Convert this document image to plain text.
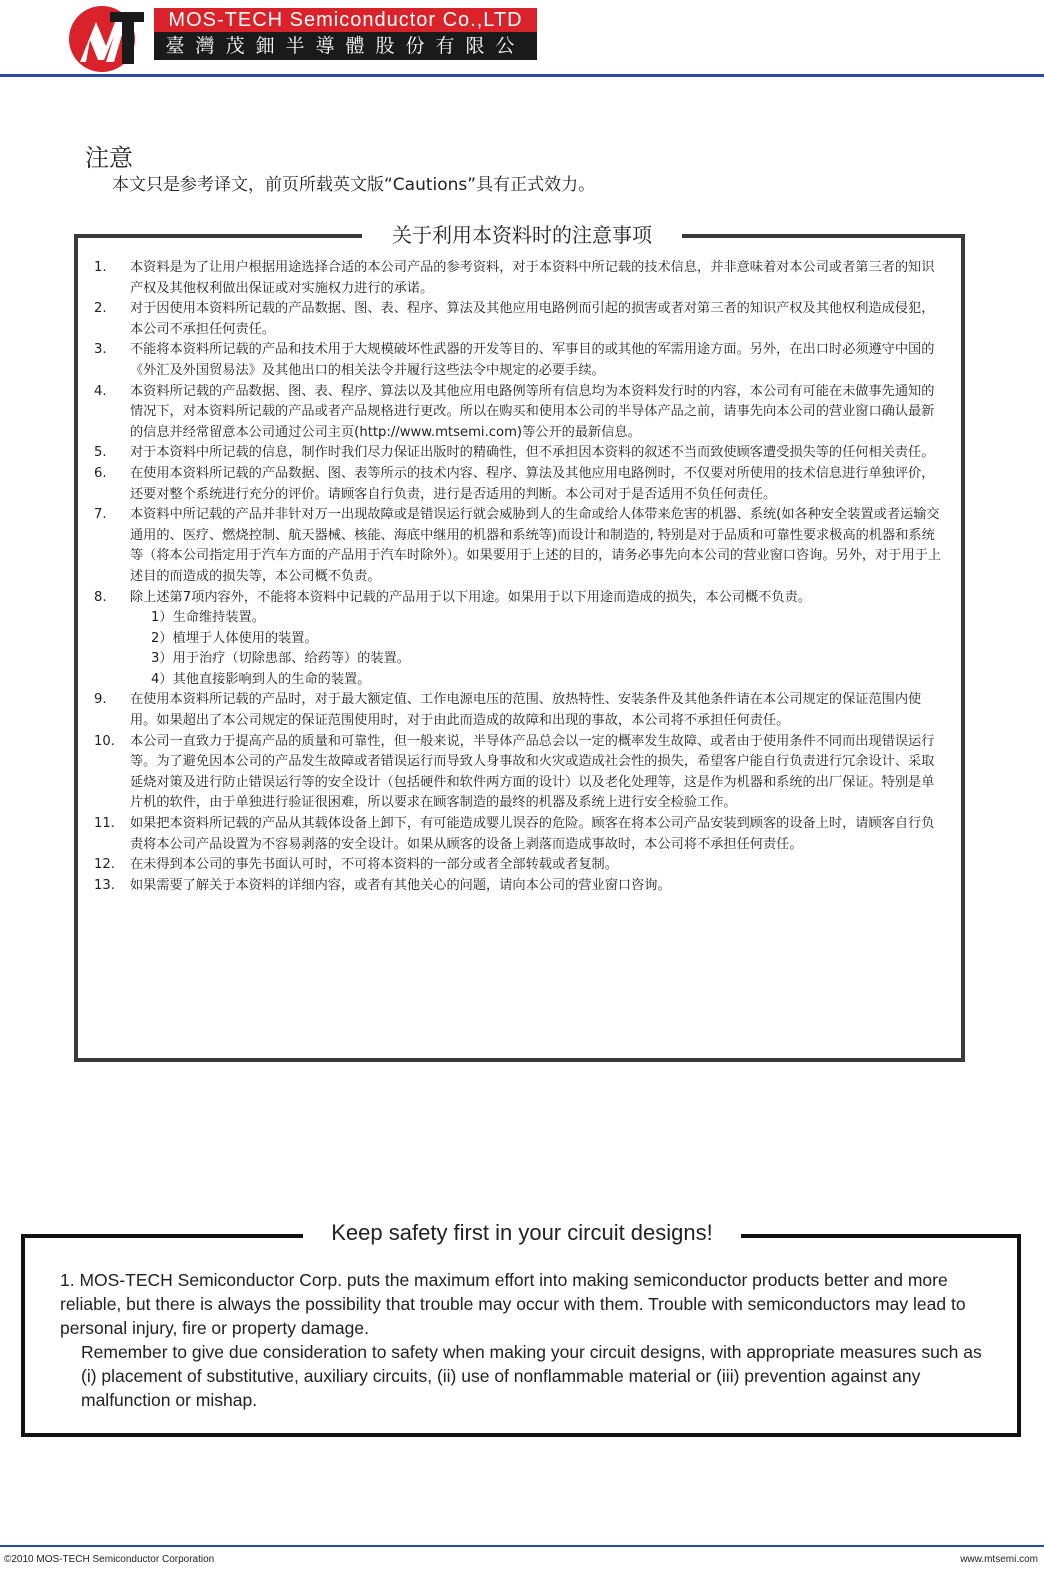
MOS-TECH Semiconductor Co.,LTD
臺灣茂鈿半導體股份有限公
注意
本文只是参考译文，前页所载英文版“Cautions”具有正式效力。
关于利用本资料时的注意事项
1.	本资料是为了让用户根据用途选择合适的本公司产品的参考资料，对于本资料中所记载的技术信息，并非意味着对本公司或者第三者的知识产权及其他权利做出保证或对实施权力进行的承诺。
2.	对于因使用本资料所记载的产品数据、图、表、程序、算法及其他应用电路例而引起的损害或者对第三者的知识产权及其他权利造成侵犯，本公司不承担任何责任。
3.	不能将本资料所记载的产品和技术用于大规模破坏性武器的开发等目的、军事目的或其他的军需用途方面。另外，在出口时必须遵守中国的《外汇及外国贸易法》及其他出口的相关法令并履行这些法令中规定的必要手续。
4.	本资料所记载的产品数据、图、表、程序、算法以及其他应用电路例等所有信息均为本资料发行时的内容，本公司有可能在未做事先通知的情况下，对本资料所记载的产品或者产品规格进行更改。所以在购买和使用本公司的半导体产品之前，请事先向本公司的营业窗口确认最新的信息并经常留意本公司通过公司主页(http://www.mtsemi.com)等公开的最新信息。
5.	对于本资料中所记载的信息，制作时我们尽力保证出版时的精确性，但不承担因本资料的叙述不当而致使顾客遭受损失等的任何相关责任。
6.	在使用本资料所记载的产品数据、图、表等所示的技术内容、程序、算法及其他应用电路例时，不仅要对所使用的技术信息进行单独评价，还要对整个系统进行充分的评价。请顾客自行负责，进行是否适用的判断。本公司对于是否适用不负任何责任。
7.	本资料中所记载的产品并非针对万一出现故障或是错误运行就会威胁到人的生命或给人体带来危害的机器、系统(如各种安全装置或者运输交通用的、医疗、燃烧控制、航天器械、核能、海底中继用的机器和系统等)而设计和制造的, 特别是对于品质和可靠性要求极高的机器和系统等（将本公司指定用于汽车方面的产品用于汽车时除外）。如果要用于上述的目的，请务必事先向本公司的营业窗口咨询。另外，对于用于上述目的而造成的损失等，本公司概不负责。
8.	除上述第7项内容外，不能将本资料中记载的产品用于以下用途。如果用于以下用途而造成的损失，本公司概不负责。
1）生命维持装置。
2）植埋于人体使用的装置。
3）用于治疗（切除患部、给药等）的装置。
4）其他直接影响到人的生命的装置。
9.	在使用本资料所记载的产品时，对于最大额定值、工作电源电压的范围、放热特性、安装条件及其他条件请在本公司规定的保证范围内使用。如果超出了本公司规定的保证范围使用时，对于由此而造成的故障和出现的事故，本公司将不承担任何责任。
10.	本公司一直致力于提高产品的质量和可靠性，但一般来说，半导体产品总会以一定的概率发生故障、或者由于使用条件不同而出现错误运行等。为了避免因本公司的产品发生故障或者错误运行而导致人身事故和火灾或造成社会性的损失，希望客户能自行负责进行冗余设计、采取延烧对策及进行防止错误运行等的安全设计（包括硬件和软件两方面的设计）以及老化处理等，这是作为机器和系统的出厂保证。特别是单片机的软件，由于单独进行验证很困难，所以要求在顾客制造的最终的机器及系统上进行安全检验工作。
11.	如果把本资料所记载的产品从其载体设备上卸下，有可能造成婴儿误吞的危险。顾客在将本公司产品安装到顾客的设备上时，请顾客自行负责将本公司产品设置为不容易剥落的安全设计。如果从顾客的设备上剥落而造成事故时，本公司将不承担任何责任。
12.	在未得到本公司的事先书面认可时，不可将本资料的一部分或者全部转载或者复制。
13.	如果需要了解关于本资料的详细内容，或者有其他关心的问题，请向本公司的营业窗口咨询。
Keep safety first in your circuit designs!
1. MOS-TECH Semiconductor Corp. puts the maximum effort into making semiconductor products better and more reliable, but there is always the possibility that trouble may occur with them. Trouble with semiconductors may lead to personal injury, fire or property damage.
Remember to give due consideration to safety when making your circuit designs, with appropriate measures such as (i) placement of substitutive, auxiliary circuits, (ii) use of nonflammable material or (iii) prevention against any malfunction or mishap.
©2010 MOS-TECH Semiconductor Corporation	www.mtsemi.com
